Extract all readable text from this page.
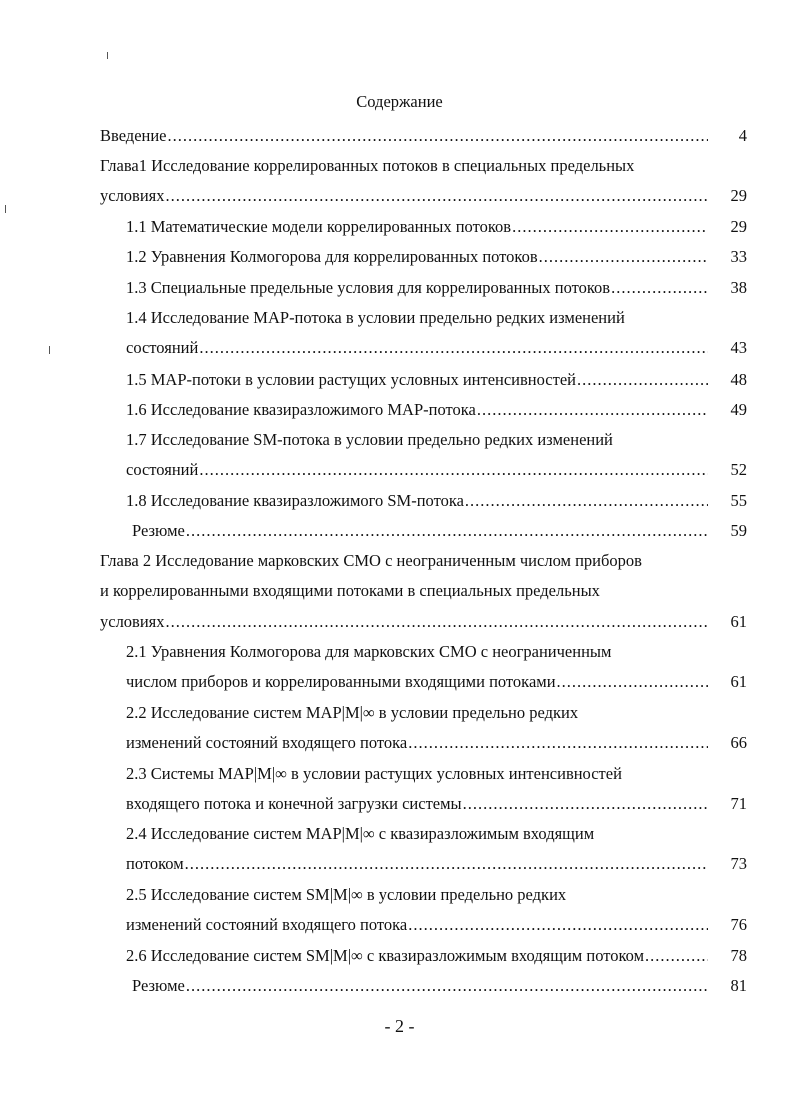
Содержание
4
Введение
.....
Глава1 Исследование коррелированных потоков в специальных предельных
29
условиях
.....
29
1.1 Математические модели коррелированных потоков
.....
33
1.2 Уравнения Колмогорова для коррелированных потоков
.....
38
1.3 Специальные предельные условия для коррелированных потоков
.....
1.4 Исследование MAP-потока в условии предельно редких изменений
43
состояний
.....
48
1.5 MAP-потоки в условии растущих условных интенсивностей
.....
49
1.6 Исследование квазиразложимого MAP-потока
.....
1.7 Исследование SM-потока в условии предельно редких изменений
52
состояний
.....
55
1.8 Исследование квазиразложимого SM-потока
.....
59
Резюме
.....
Глава 2 Исследование марковских СМО с неограниченным числом приборов
и коррелированными входящими потоками в специальных предельных
61
условиях
.....
2.1 Уравнения Колмогорова для марковских СМО с неограниченным
61
числом приборов и коррелированными входящими потоками
.....
2.2 Исследование систем MAP|M|∞ в условии предельно редких
66
изменений состояний входящего потока
.....
2.3 Системы MAP|M|∞ в условии растущих условных интенсивностей
71
входящего потока и конечной загрузки системы
.....
2.4 Исследование систем MAP|M|∞ с квазиразложимым входящим
73
потоком
.....
2.5 Исследование систем SM|M|∞ в условии предельно редких
76
изменений состояний входящего потока
.....
78
2.6 Исследование систем SM|M|∞ с квазиразложимым входящим потоком
.....
81
Резюме
.....
- 2 -
